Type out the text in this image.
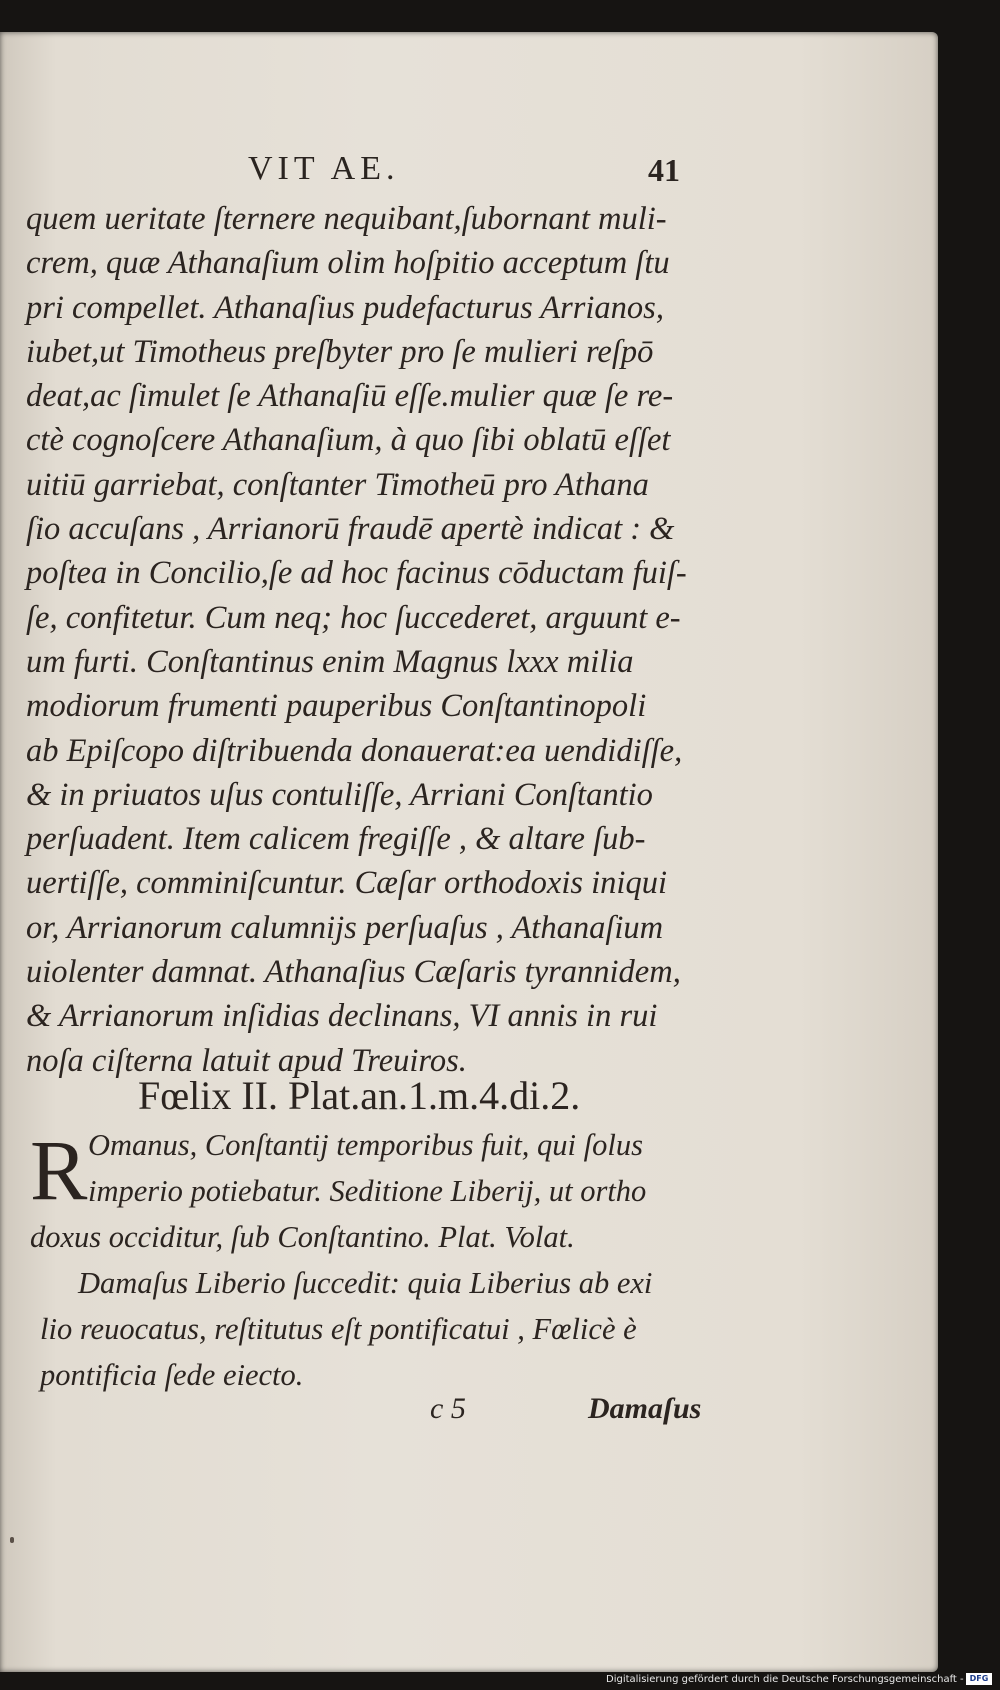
VIT AE.	41
quem ueritate ſternere nequibant,ſubornant muli-
crem, quæ Athanaſium olim hoſpitio acceptum ſtu
pri compellet. Athanaſius pudefacturus Arrianos,
iubet,ut Timotheus preſbyter pro ſe mulieri reſpō
deat,ac ſimulet ſe Athanaſiū eſſe.mulier quæ ſe re-
ctè cognoſcere Athanaſium, à quo ſibi oblatū eſſet
uitiū garriebat, conſtanter Timotheū pro Athana
ſio accuſans , Arrianorū fraudē apertè indicat : &
poſtea in Concilio,ſe ad hoc facinus cōductam fuiſ-
ſe, confitetur. Cum neq; hoc ſuccederet, arguunt e-
um furti. Conſtantinus enim Magnus lxxx milia
modiorum frumenti pauperibus Conſtantinopoli
ab Epiſcopo diſtribuenda donauerat:ea uendidiſſe,
& in priuatos uſus contuliſſe, Arriani Conſtantio
perſuadent. Item calicem fregiſſe , & altare ſub-
uertiſſe, comminiſcuntur. Cæſar orthodoxis iniqui
or, Arrianorum calumnijs perſuaſus , Athanaſium
uiolenter damnat. Athanaſius Cæſaris tyrannidem,
& Arrianorum inſidias declinans, VI annis in rui
noſa ciſterna latuit apud Treuiros.
Fœlix II. Plat.an.1.m.4.di.2.
R Omanus, Conſtantij temporibus fuit, qui ſolus
imperio potiebatur. Seditione Liberij, ut ortho
doxus occiditur, ſub Conſtantino. Plat. Volat.
Damaſus Liberio ſuccedit: quia Liberius ab exi
lio reuocatus, reſtitutus eſt pontificatui , Fœlicè è
pontificia ſede eiecto.
c 5	Damaſus
Digitalisierung gefördert durch die Deutsche Forschungsgemeinschaft - DFG
